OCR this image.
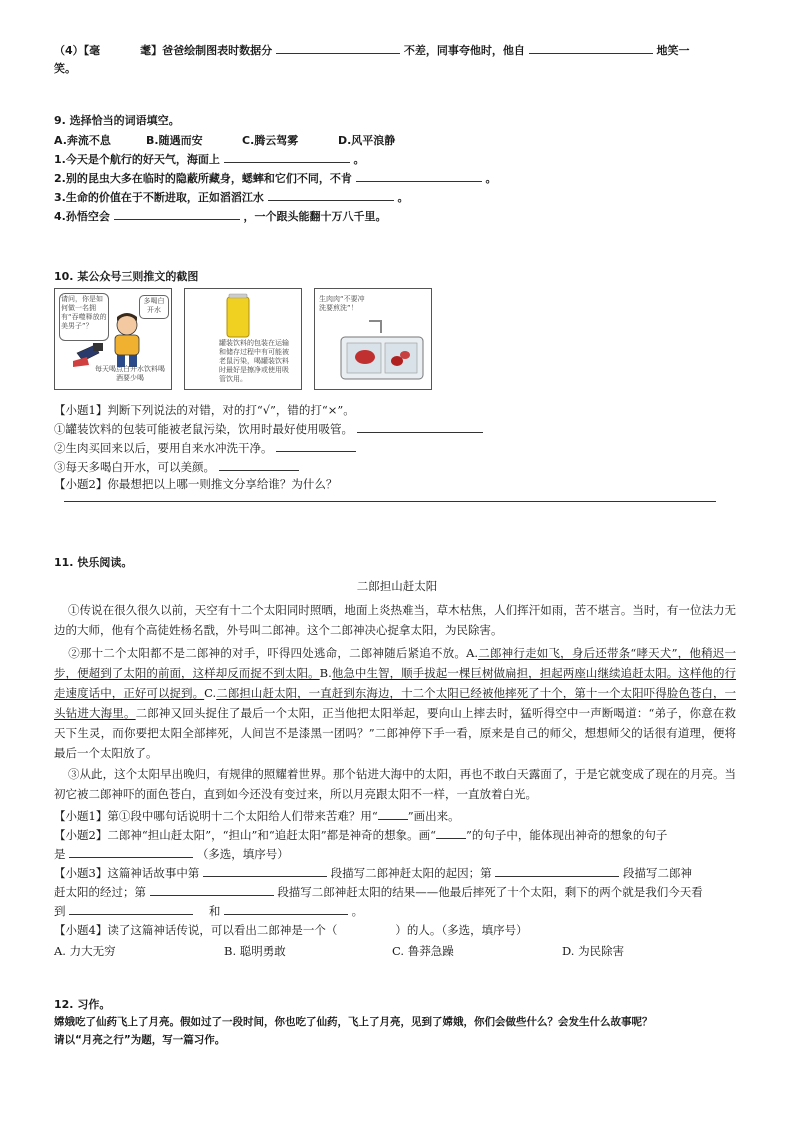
（4）【毫	耄】爸爸绘制图表时数据分	不差，同事夸他时，他自	地笑一
笑。
9. 选择恰当的词语填空。
A.奔流不息	B.随遇而安	C.腾云驾雾	D.风平浪静
1.今天是个航行的好天气，海面上	。
2.别的昆虫大多在临时的隐蔽所藏身，蟋蟀和它们不同，不肯	。
3.生命的价值在于不断进取，正如滔滔江水	。
4.孙悟空会	，一个跟头能翻十万八千里。
10. 某公众号三则推文的截图
请问，你是如何做一名拥有“吞噬释放的美男子”？
多喝白开水
每天喝点白开水饮料喝酒要少喝
罐装饮料的包装在运输和储存过程中有可能被老鼠污染，喝罐装饮料时最好是擦净或使用吸管饮用。
生肉肉“不要冲洗要煎洗”！
【小题1】判断下列说法的对错，对的打“√”，错的打“×”。
①罐装饮料的包装可能被老鼠污染，饮用时最好使用吸管。
②生肉买回来以后，要用自来水冲洗干净。
③每天多喝白开水，可以美颜。
【小题2】你最想把以上哪一则推文分享给谁？为什么？
11. 快乐阅读。
二郎担山赶太阳
①传说在很久很久以前，天空有十二个太阳同时照晒，地面上炎热难当，草木枯焦，人们挥汗如雨，苦不堪言。当时，有一位法力无边的大师，他有个高徒姓杨名戬，外号叫二郎神。这个二郎神决心捉拿太阳，为民除害。
②那十二个太阳都不是二郎神的对手，吓得四处逃命，二郎神随后紧追不放。A.二郎神行走如飞，身后还带条“哮天犬”，他稍迟一步，便超到了太阳的前面，这样却反而捉不到太阳。B.他急中生智，顺手拔起一棵巨树做扁担，担起两座山继续追赶太阳。这样他的行走速度话中，正好可以捉到。C.二郎担山赶太阳，一直赶到东海边，十二个太阳已经被他摔死了十个，第十一个太阳吓得脸色苍白，一头钻进大海里。二郎神又回头捉住了最后一个太阳，正当他把太阳举起，要向山上摔去时，猛听得空中一声断喝道：“弟子，你意在救天下生灵，而你要把太阳全部摔死，人间岂不是漆黑一团吗？”二郎神停下手一看，原来是自己的师父，想想师父的话很有道理，便将最后一个太阳放了。
③从此，这个太阳早出晚归，有规律的照耀着世界。那个钻进大海中的太阳，再也不敢白天露面了，于是它就变成了现在的月亮。当初它被二郎神吓的面色苍白，直到如今还没有变过来，所以月亮跟太阳不一样，一直放着白光。
【小题1】第①段中哪句话说明十二个太阳给人们带来苦难？用“	”画出来。
【小题2】二郎神“担山赶太阳”，“担山”和“追赶太阳”都是神奇的想象。画“	”的句子中，能体现出神奇的想象的句子
是	（多选，填序号）
【小题3】这篇神话故事中第	段描写二郎神赶太阳的起因；第	段描写二郎神
赶太阳的经过；第	段描写二郎神赶太阳的结果——他最后摔死了十个太阳，剩下的两个就是我们今天看
到	和	。
【小题4】读了这篇神话传说，可以看出二郎神是一个（	）的人。（多选，填序号）
A. 力大无穷	B. 聪明勇敢	C. 鲁莽急躁	D. 为民除害
12. 习作。
嫦娥吃了仙药飞上了月亮。假如过了一段时间，你也吃了仙药，飞上了月亮，见到了嫦娥，你们会做些什么？会发生什么故事呢？
请以“月亮之行”为题，写一篇习作。
